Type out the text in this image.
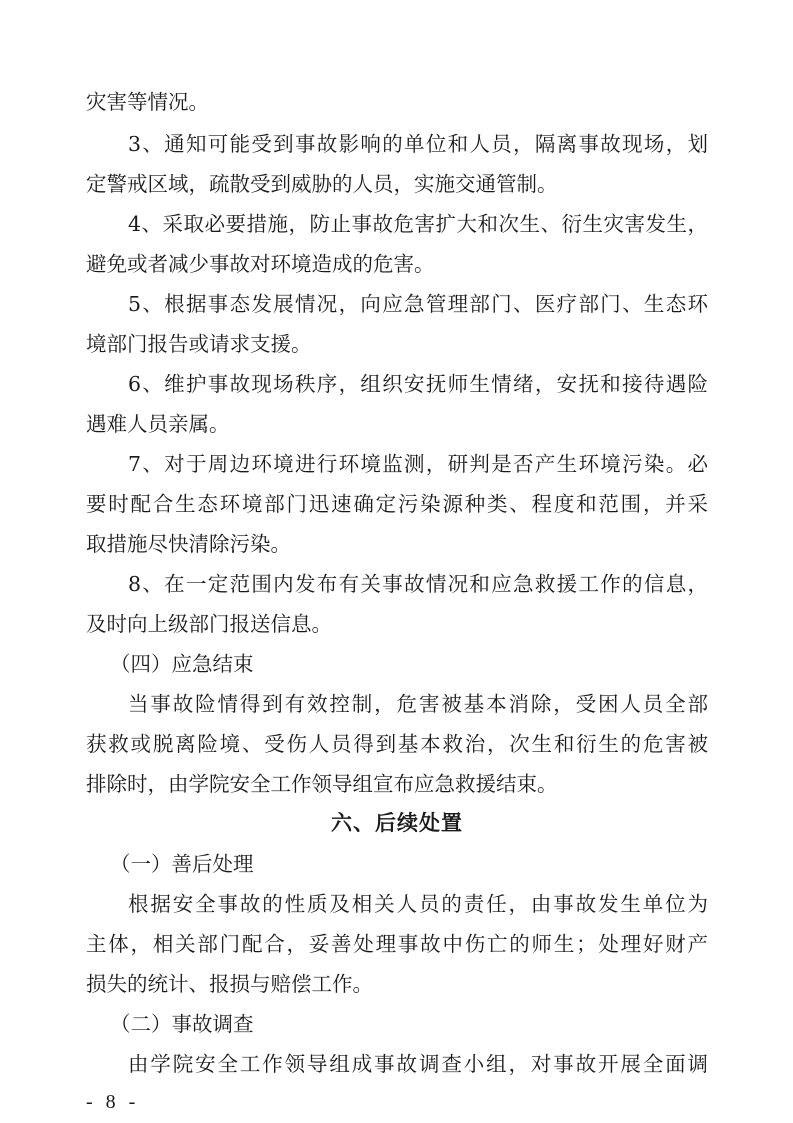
灾害等情况。
3、通知可能受到事故影响的单位和人员，隔离事故现场，划
定警戒区域，疏散受到威胁的人员，实施交通管制。
4、采取必要措施，防止事故危害扩大和次生、衍生灾害发生，
避免或者减少事故对环境造成的危害。
5、根据事态发展情况，向应急管理部门、医疗部门、生态环
境部门报告或请求支援。
6、维护事故现场秩序，组织安抚师生情绪，安抚和接待遇险
遇难人员亲属。
7、对于周边环境进行环境监测，研判是否产生环境污染。必
要时配合生态环境部门迅速确定污染源种类、程度和范围，并采
取措施尽快清除污染。
8、在一定范围内发布有关事故情况和应急救援工作的信息，
及时向上级部门报送信息。
（四）应急结束
当事故险情得到有效控制，危害被基本消除，受困人员全部
获救或脱离险境、受伤人员得到基本救治，次生和衍生的危害被
排除时，由学院安全工作领导组宣布应急救援结束。
六、后续处置
（一）善后处理
根据安全事故的性质及相关人员的责任，由事故发生单位为
主体，相关部门配合，妥善处理事故中伤亡的师生；处理好财产
损失的统计、报损与赔偿工作。
（二）事故调查
由学院安全工作领导组成事故调查小组，对事故开展全面调
- 8 -
